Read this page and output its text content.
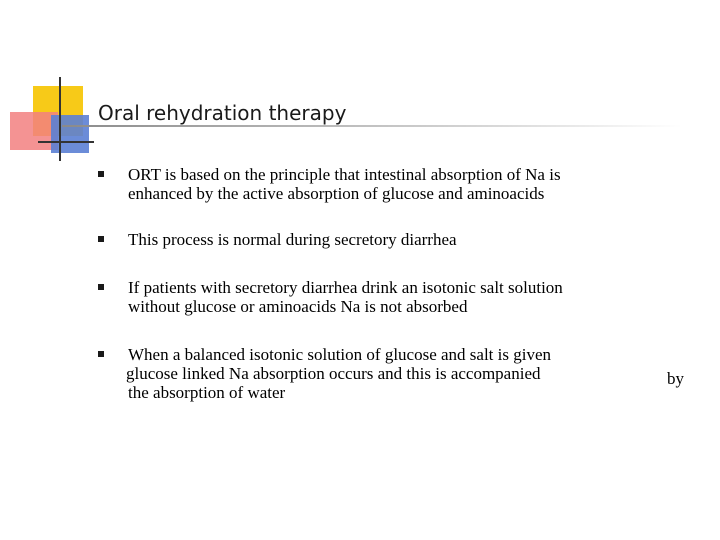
Oral rehydration therapy
ORT is based on the principle that intestinal absorption of Na is
enhanced by the active absorption of glucose and aminoacids
This process is normal during secretory diarrhea
If patients with secretory diarrhea drink an isotonic salt solution
without glucose or aminoacids Na is not absorbed
When a balanced isotonic solution of glucose and salt is given
glucose linked Na absorption occurs and this is accompanied
the absorption of water
by
